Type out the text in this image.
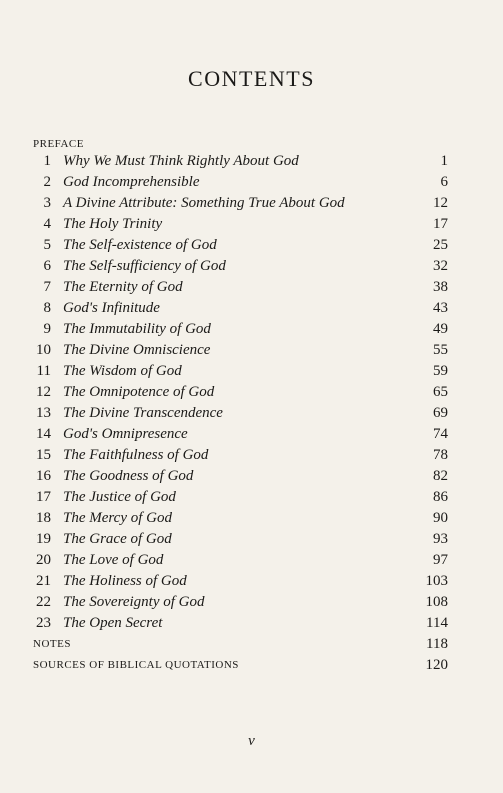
CONTENTS
PREFACE
1 Why We Must Think Rightly About God	1
2 God Incomprehensible	6
3 A Divine Attribute: Something True About God	12
4 The Holy Trinity	17
5 The Self-existence of God	25
6 The Self-sufficiency of God	32
7 The Eternity of God	38
8 God's Infinitude	43
9 The Immutability of God	49
10 The Divine Omniscience	55
11 The Wisdom of God	59
12 The Omnipotence of God	65
13 The Divine Transcendence	69
14 God's Omnipresence	74
15 The Faithfulness of God	78
16 The Goodness of God	82
17 The Justice of God	86
18 The Mercy of God	90
19 The Grace of God	93
20 The Love of God	97
21 The Holiness of God	103
22 The Sovereignty of God	108
23 The Open Secret	114
NOTES	118
SOURCES OF BIBLICAL QUOTATIONS	120
v
